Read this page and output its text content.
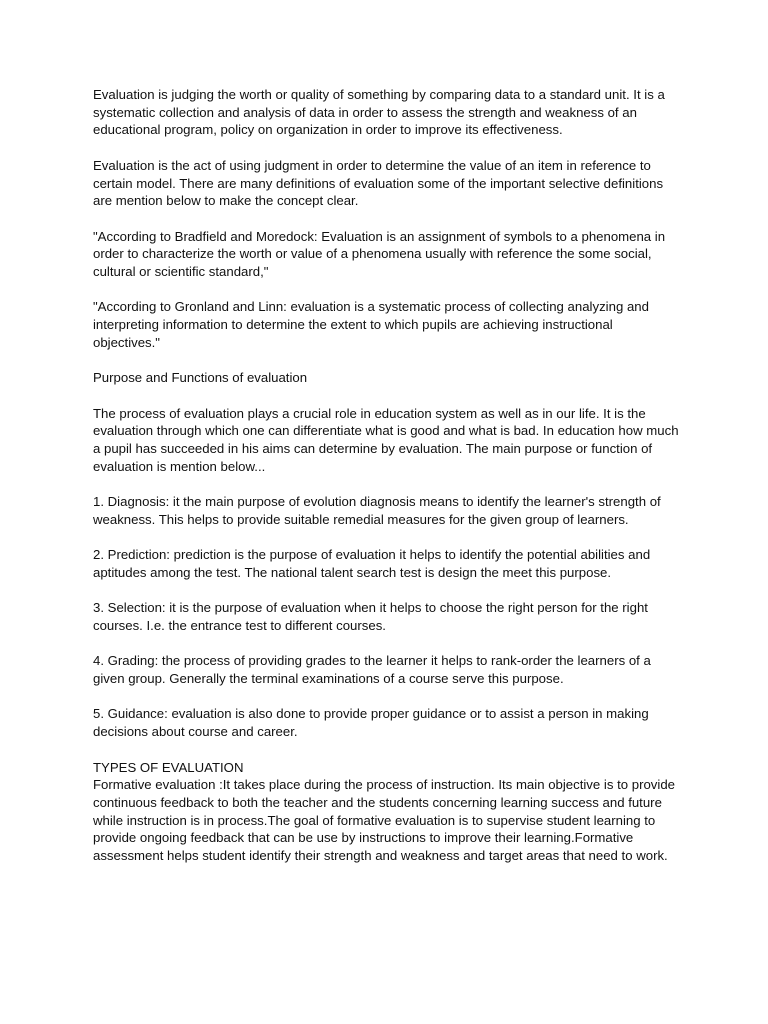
Evaluation is judging the worth or quality of something by comparing data to a standard unit. It is a systematic collection and analysis of data in order to assess the strength and weakness of an educational program, policy on organization in order to improve its effectiveness.

Evaluation is the act of using judgment in order to determine the value of an item in reference to certain model. There are many definitions of evaluation some of the important selective definitions are mention below to make the concept clear.

"According to Bradfield and Moredock: Evaluation is an assignment of symbols to a phenomena in order to characterize the worth or value of a phenomena usually with reference the some social, cultural or scientific standard,"

"According to Gronland and Linn: evaluation is a systematic process of collecting analyzing and interpreting information to determine the extent to which pupils are achieving instructional objectives."

Purpose and Functions of evaluation

The process of evaluation plays a crucial role in education system as well as in our life. It is the evaluation through which one can differentiate what is good and what is bad. In education how much a pupil has succeeded in his aims can determine by evaluation. The main purpose or function of evaluation is mention below...

1. Diagnosis: it the main purpose of evolution diagnosis means to identify the learner's strength of weakness. This helps to provide suitable remedial measures for the given group of learners.

2. Prediction: prediction is the purpose of evaluation it helps to identify the potential abilities and aptitudes among the test. The national talent search test is design the meet this purpose.

3. Selection: it is the purpose of evaluation when it helps to choose the right person for the right courses. I.e. the entrance test to different courses.

4. Grading: the process of providing grades to the learner it helps to rank-order the learners of a given group. Generally the terminal examinations of a course serve this purpose.

5. Guidance: evaluation is also done to provide proper guidance or to assist a person in making decisions about course and career.

TYPES OF EVALUATION

Formative evaluation :It takes place during the process of instruction. Its main objective is to provide continuous feedback to both the teacher and the students concerning learning success and future while instruction is in process.The goal of formative evaluation is to supervise student learning to provide ongoing feedback that can be use by instructions to improve their learning.Formative assessment helps student identify their strength and weakness and target areas that need to work.
